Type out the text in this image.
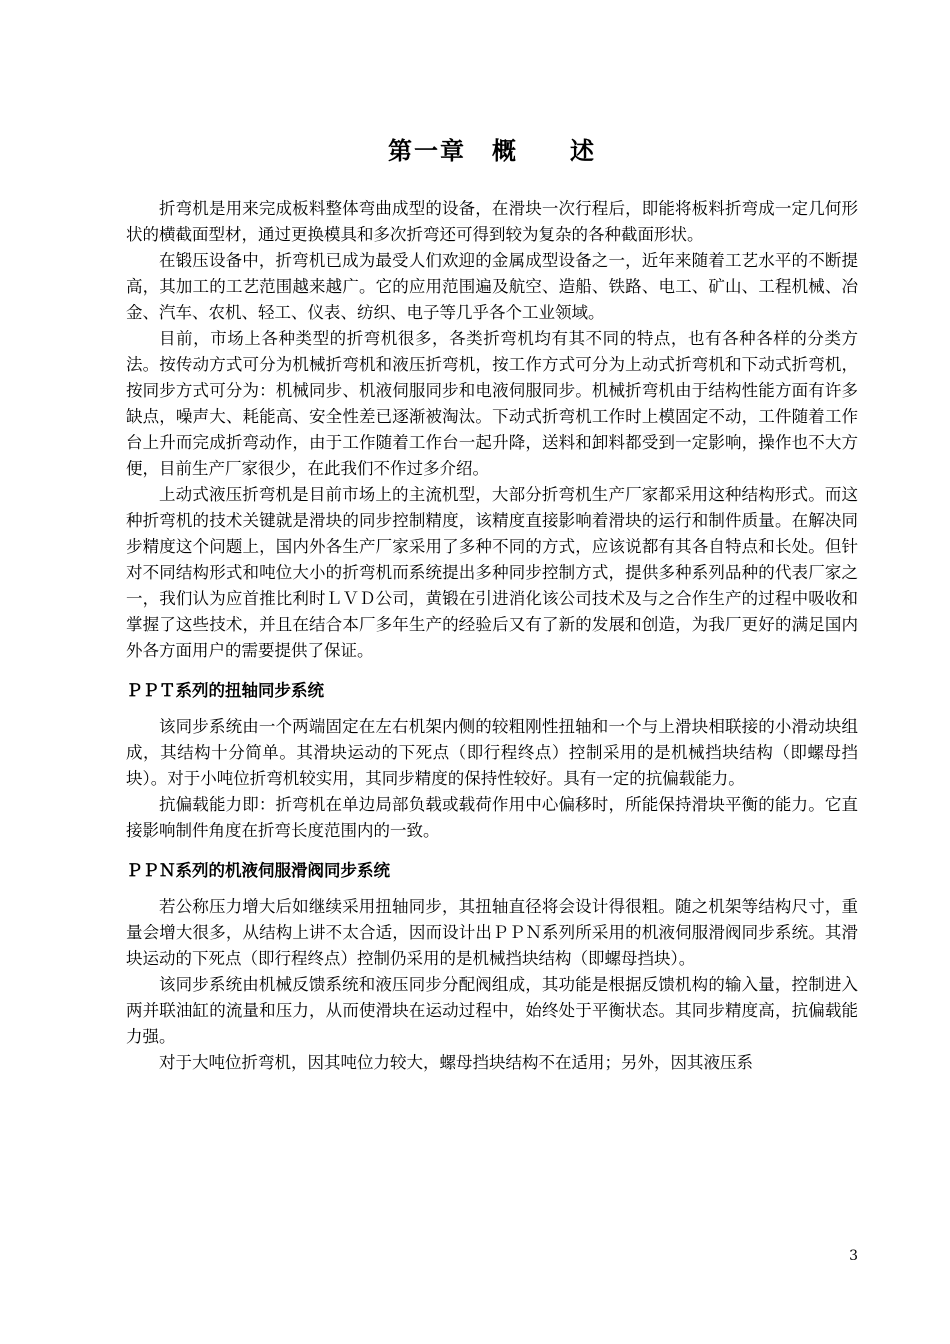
第一章　概　　述

折弯机是用来完成板料整体弯曲成型的设备，在滑块一次行程后，即能将板料折弯成一定几何形状的横截面型材，通过更换模具和多次折弯还可得到较为复杂的各种截面形状。

在锻压设备中，折弯机已成为最受人们欢迎的金属成型设备之一，近年来随着工艺水平的不断提高，其加工的工艺范围越来越广。它的应用范围遍及航空、造船、铁路、电工、矿山、工程机械、冶金、汽车、农机、轻工、仪表、纺织、电子等几乎各个工业领域。

目前，市场上各种类型的折弯机很多，各类折弯机均有其不同的特点，也有各种各样的分类方法。按传动方式可分为机械折弯机和液压折弯机，按工作方式可分为上动式折弯机和下动式折弯机，按同步方式可分为：机械同步、机液伺服同步和电液伺服同步。机械折弯机由于结构性能方面有许多缺点，噪声大、耗能高、安全性差已逐渐被淘汰。下动式折弯机工作时上模固定不动，工件随着工作台上升而完成折弯动作，由于工作随着工作台一起升降，送料和卸料都受到一定影响，操作也不大方便，目前生产厂家很少，在此我们不作过多介绍。

上动式液压折弯机是目前市场上的主流机型，大部分折弯机生产厂家都采用这种结构形式。而这种折弯机的技术关键就是滑块的同步控制精度，该精度直接影响着滑块的运行和制件质量。在解决同步精度这个问题上，国内外各生产厂家采用了多种不同的方式，应该说都有其各自特点和长处。但针对不同结构形式和吨位大小的折弯机而系统提出多种同步控制方式，提供多种系列品种的代表厂家之一，我们认为应首推比利时ＬＶＤ公司，黄锻在引进消化该公司技术及与之合作生产的过程中吸收和掌握了这些技术，并且在结合本厂多年生产的经验后又有了新的发展和创造，为我厂更好的满足国内外各方面用户的需要提供了保证。

ＰＰＴ系列的扭轴同步系统

该同步系统由一个两端固定在左右机架内侧的较粗刚性扭轴和一个与上滑块相联接的小滑动块组成，其结构十分简单。其滑块运动的下死点（即行程终点）控制采用的是机械挡块结构（即螺母挡块）。对于小吨位折弯机较实用，其同步精度的保持性较好。具有一定的抗偏载能力。

抗偏载能力即：折弯机在单边局部负载或载荷作用中心偏移时，所能保持滑块平衡的能力。它直接影响制件角度在折弯长度范围内的一致。

ＰＰＮ系列的机液伺服滑阀同步系统

若公称压力增大后如继续采用扭轴同步，其扭轴直径将会设计得很粗。随之机架等结构尺寸，重量会增大很多，从结构上讲不太合适，因而设计出ＰＰＮ系列所采用的机液伺服滑阀同步系统。其滑块运动的下死点（即行程终点）控制仍采用的是机械挡块结构（即螺母挡块）。

该同步系统由机械反馈系统和液压同步分配阀组成，其功能是根据反馈机构的输入量，控制进入两并联油缸的流量和压力，从而使滑块在运动过程中，始终处于平衡状态。其同步精度高，抗偏载能力强。

对于大吨位折弯机，因其吨位力较大，螺母挡块结构不在适用；另外，因其液压系

3
